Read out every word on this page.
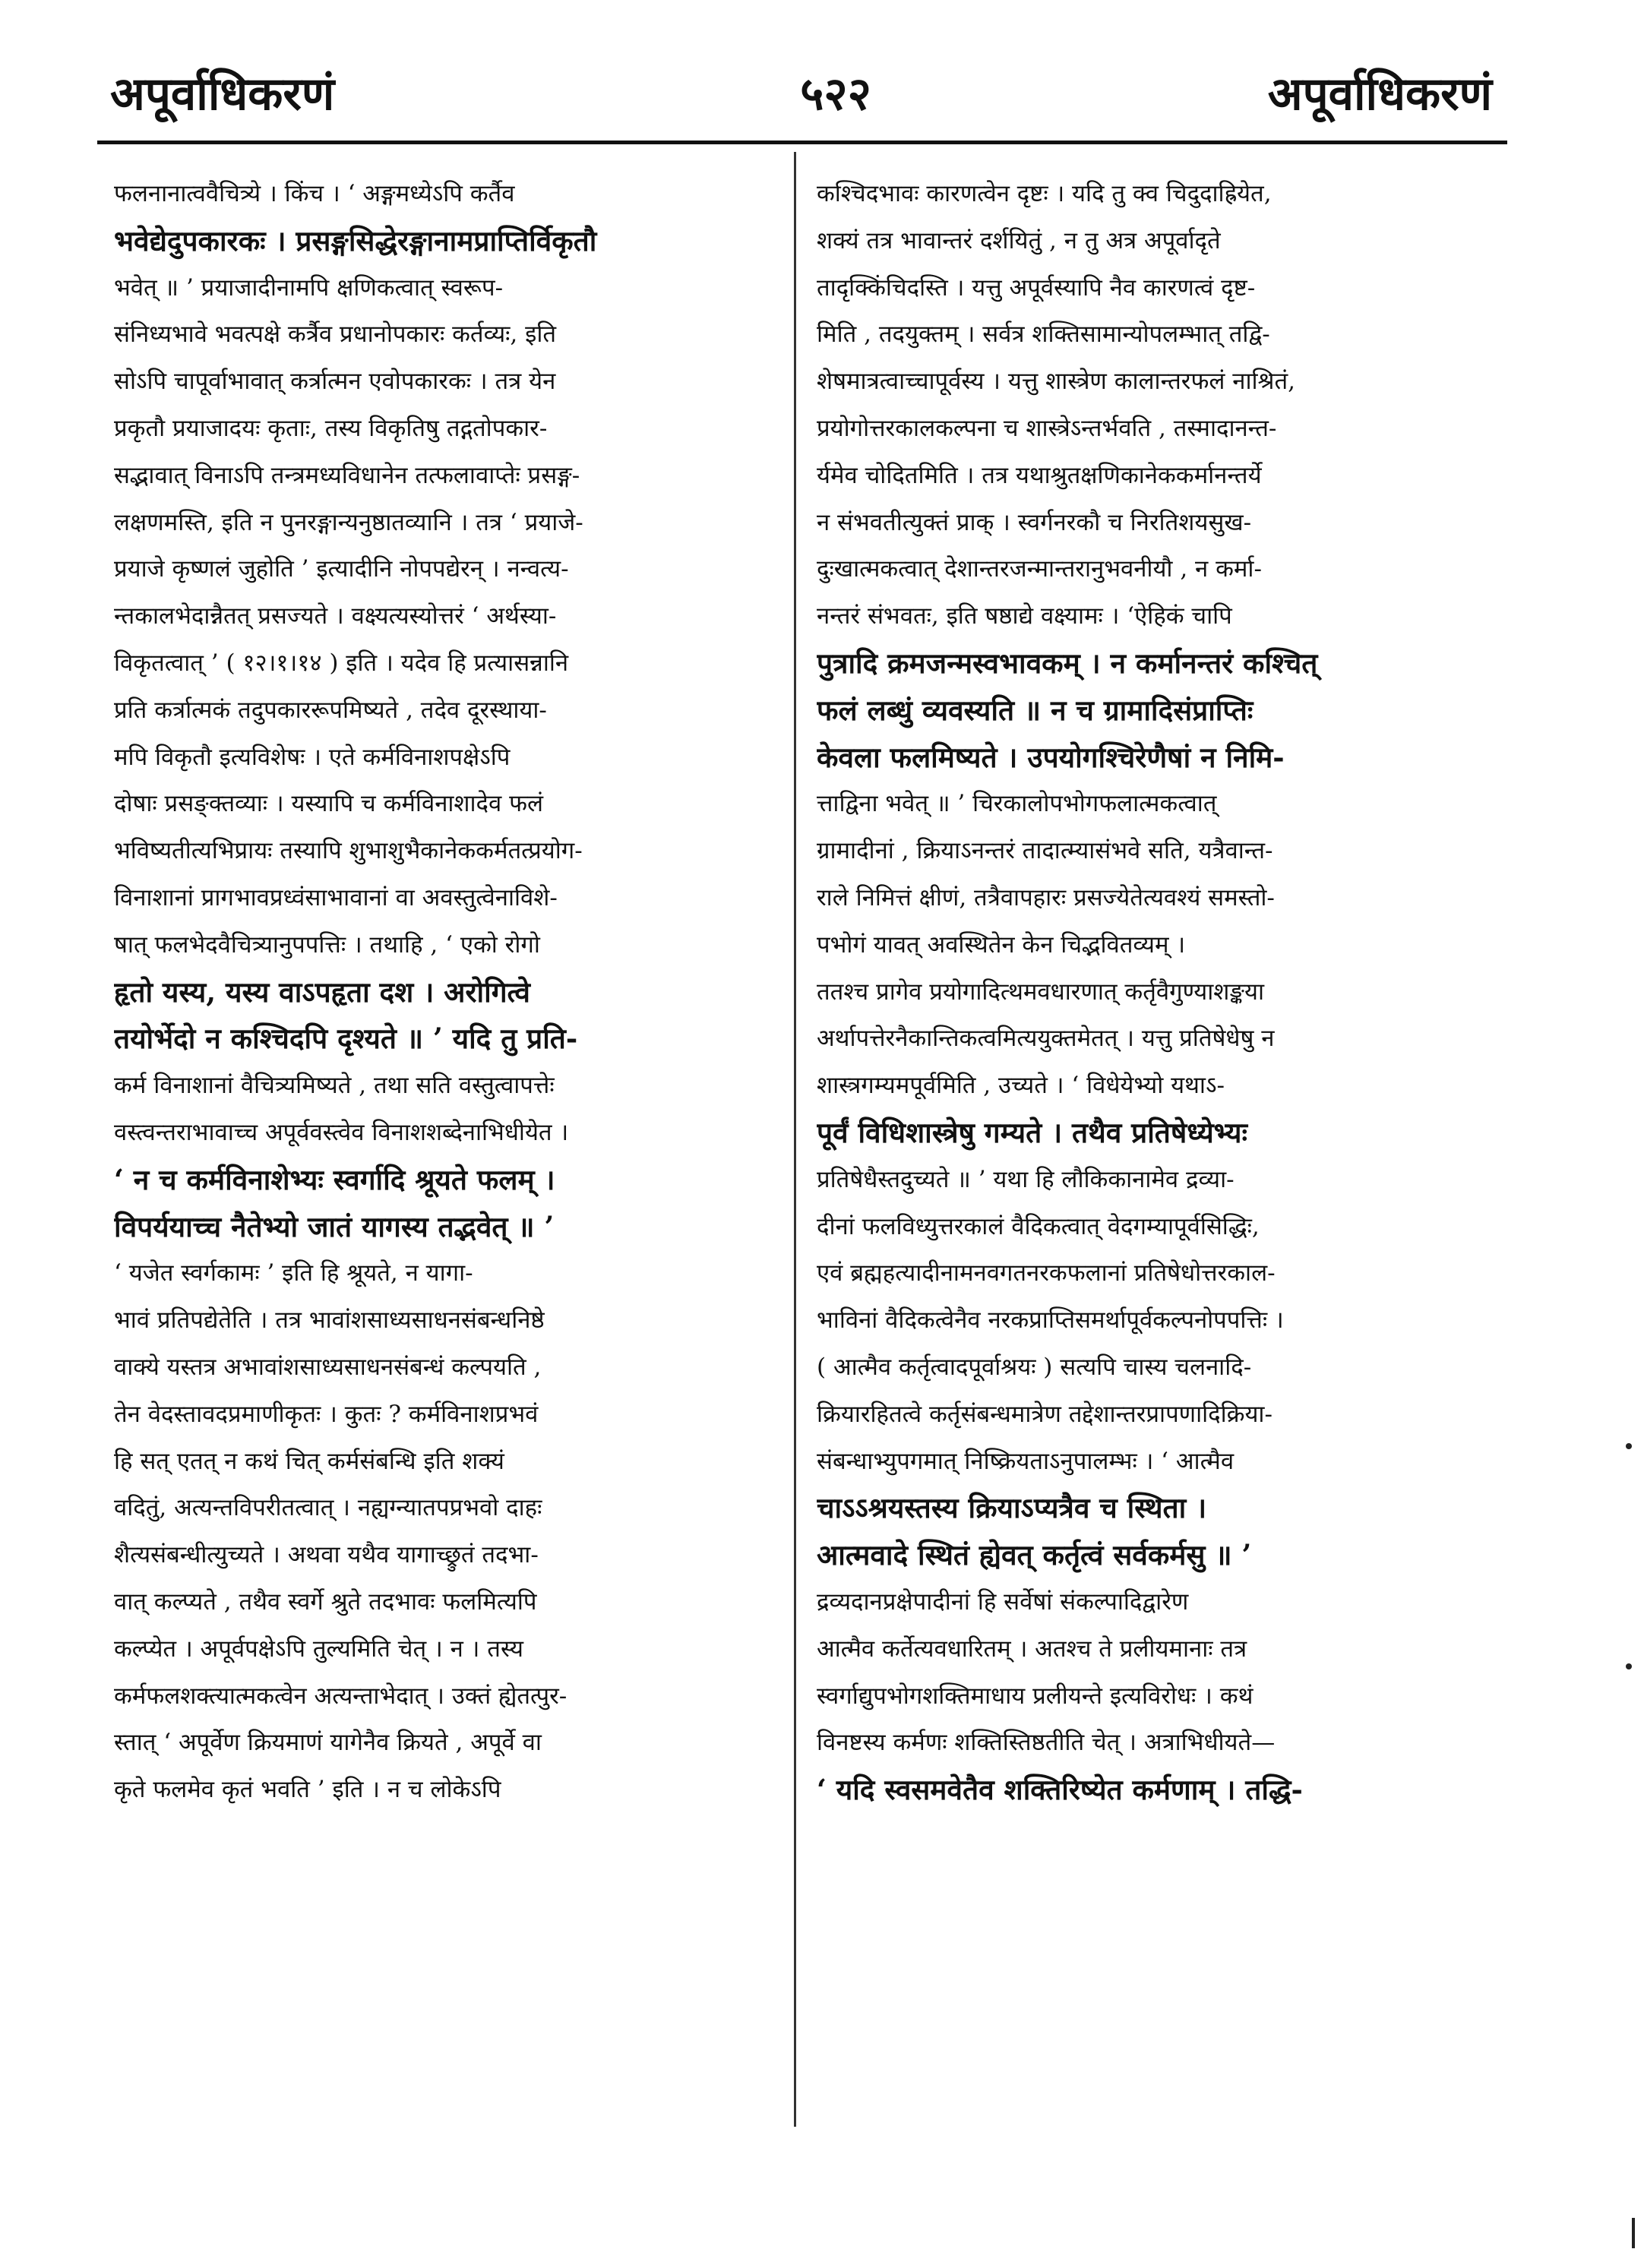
अपूर्वाधिकरणं	५२२	अपूर्वाधिकरणं
फलनानात्ववैचित्र्ये । किंच । ‘ अङ्गमध्येऽपि कर्तैव
भवेद्येदुपकारकः । प्रसङ्गसिद्धेरङ्गानामप्राप्तिर्विकृतौ
भवेत् ॥ ’ प्रयाजादीनामपि क्षणिकत्वात् स्वरूप-
संनिध्यभावे भवत्पक्षे कर्त्रैव प्रधानोपकारः कर्तव्यः, इति
सोऽपि चापूर्वाभावात् कर्त्रात्मन एवोपकारकः । तत्र येन
प्रकृतौ प्रयाजादयः कृताः, तस्य विकृतिषु तद्गतोपकार-
सद्भावात् विनाऽपि तन्त्रमध्यविधानेन तत्फलावाप्तेः प्रसङ्ग-
लक्षणमस्ति, इति न पुनरङ्गान्यनुष्ठातव्यानि । तत्र ‘ प्रयाजे-
प्रयाजे कृष्णलं जुहोति ’ इत्यादीनि नोपपद्येरन् । नन्वत्य-
न्तकालभेदान्नैतत् प्रसज्यते । वक्ष्यत्यस्योत्तरं ‘ अर्थस्या-
विकृतत्वात् ’ ( १२।१।१४ ) इति । यदेव हि प्रत्यासन्नानि
प्रति कर्त्रात्मकं तदुपकाररूपमिष्यते , तदेव दूरस्थाया-
मपि विकृतौ इत्यविशेषः । एते कर्मविनाशपक्षेऽपि
दोषाः प्रसङ्क्तव्याः । यस्यापि च कर्मविनाशादेव फलं
भविष्यतीत्यभिप्रायः तस्यापि शुभाशुभैकानेककर्मतत्प्रयोग-
विनाशानां प्रागभावप्रध्वंसाभावानां वा अवस्तुत्वेनाविशे-
षात् फलभेदवैचित्र्यानुपपत्तिः । तथाहि , ‘ एको रोगो
हृतो यस्य, यस्य वाऽपहृता दश । अरोगित्वे
तयोर्भेदो न कश्चिदपि दृश्यते ॥ ’ यदि तु प्रति-
कर्म विनाशानां वैचित्र्यमिष्यते , तथा सति वस्तुत्वापत्तेः
वस्त्वन्तराभावाच्च अपूर्ववस्त्वेव विनाशशब्देनाभिधीयेत ।
‘ न च कर्मविनाशेभ्यः स्वर्गादि श्रूयते फलम् ।
विपर्ययाच्च नैतेभ्यो जातं यागस्य तद्भवेत् ॥ ’
‘ यजेत स्वर्गकामः ’ इति हि श्रूयते, न यागा-
भावं प्रतिपद्येतेति । तत्र भावांशसाध्यसाधनसंबन्धनिष्ठे
वाक्ये यस्तत्र अभावांशसाध्यसाधनसंबन्धं कल्पयति ,
तेन वेदस्तावदप्रमाणीकृतः । कुतः ? कर्मविनाशप्रभवं
हि सत् एतत् न कथं चित् कर्मसंबन्धि इति शक्यं
वदितुं, अत्यन्तविपरीतत्वात् । नह्यग्न्यातपप्रभवो दाहः
शैत्यसंबन्धीत्युच्यते । अथवा यथैव यागाच्छ्रुतं तदभा-
वात् कल्प्यते , तथैव स्वर्गे श्रुते तदभावः फलमित्यपि
कल्प्येत । अपूर्वपक्षेऽपि तुल्यमिति चेत् । न । तस्य
कर्मफलशक्त्यात्मकत्वेन अत्यन्ताभेदात् । उक्तं ह्येतत्पुर-
स्तात् ‘ अपूर्वेण क्रियमाणं यागेनैव क्रियते , अपूर्वे वा
कृते फलमेव कृतं भवति ’ इति । न च लोकेऽपि
कश्चिदभावः कारणत्वेन दृष्टः । यदि तु क्व चिदुदाह्रियेत,
शक्यं तत्र भावान्तरं दर्शयितुं , न तु अत्र अपूर्वादृते
तादृक्किंचिदस्ति । यत्तु अपूर्वस्यापि नैव कारणत्वं दृष्ट-
मिति , तदयुक्तम् । सर्वत्र शक्तिसामान्योपलम्भात् तद्वि-
शेषमात्रत्वाच्चापूर्वस्य । यत्तु शास्त्रेण कालान्तरफलं नाश्रितं,
प्रयोगोत्तरकालकल्पना च शास्त्रेऽन्तर्भवति , तस्मादानन्त-
र्यमेव चोदितमिति । तत्र यथाश्रुतक्षणिकानेककर्मानन्तर्ये
न संभवतीत्युक्तं प्राक् । स्वर्गनरकौ च निरतिशयसुख-
दुःखात्मकत्वात् देशान्तरजन्मान्तरानुभवनीयौ , न कर्मा-
नन्तरं संभवतः, इति षष्ठाद्ये वक्ष्यामः । ‘ऐहिकं चापि
पुत्रादि क्रमजन्मस्वभावकम् । न कर्मानन्तरं कश्चित्
फलं लब्धुं व्यवस्यति ॥ न च ग्रामादिसंप्राप्तिः
केवला फलमिष्यते । उपयोगश्चिरेणैषां न निमि-
त्ताद्विना भवेत् ॥ ’ चिरकालोपभोगफलात्मकत्वात्
ग्रामादीनां , क्रियाऽनन्तरं तादात्म्यासंभवे सति, यत्रैवान्त-
राले निमित्तं क्षीणं, तत्रैवापहारः प्रसज्येतेत्यवश्यं समस्तो-
पभोगं यावत् अवस्थितेन केन चिद्भवितव्यम् ।
ततश्च प्रागेव प्रयोगादित्थमवधारणात् कर्तृवैगुण्याशङ्कया
अर्थापत्तेरनैकान्तिकत्वमित्ययुक्तमेतत् । यत्तु प्रतिषेधेषु न
शास्त्रगम्यमपूर्वमिति , उच्यते । ‘ विधेयेभ्यो यथाऽ-
पूर्वं विधिशास्त्रेषु गम्यते । तथैव प्रतिषेध्येभ्यः
प्रतिषेधैस्तदुच्यते ॥ ’ यथा हि लौकिकानामेव द्रव्या-
दीनां फलविध्युत्तरकालं वैदिकत्वात् वेदगम्यापूर्वसिद्धिः,
एवं ब्रह्महत्यादीनामनवगतनरकफलानां प्रतिषेधोत्तरकाल-
भाविनां वैदिकत्वेनैव नरकप्राप्तिसमर्थापूर्वकल्पनोपपत्तिः ।
( आत्मैव कर्तृत्वादपूर्वाश्रयः ) सत्यपि चास्य चलनादि-
क्रियारहितत्वे कर्तृसंबन्धमात्रेण तद्देशान्तरप्रापणादिक्रिया-
संबन्धाभ्युपगमात् निष्क्रियताऽनुपालम्भः । ‘ आत्मैव
चाऽऽश्रयस्तस्य क्रियाऽप्यत्रैव च स्थिता ।
आत्मवादे स्थितं ह्येवत् कर्तृत्वं सर्वकर्मसु ॥ ’
द्रव्यदानप्रक्षेपादीनां हि सर्वेषां संकल्पादिद्वारेण
आत्मैव कर्तेत्यवधारितम् । अतश्च ते प्रलीयमानाः तत्र
स्वर्गाद्युपभोगशक्तिमाधाय प्रलीयन्ते इत्यविरोधः । कथं
विनष्टस्य कर्मणः शक्तिस्तिष्ठतीति चेत् । अत्राभिधीयते—
‘ यदि स्वसमवेतैव शक्तिरिष्येत कर्मणाम् । तद्धि-
